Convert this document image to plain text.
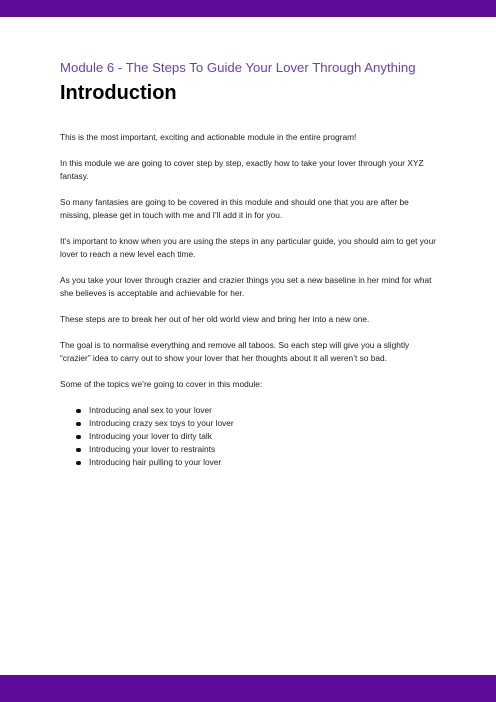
Module 6 - The Steps To Guide Your Lover Through Anything

Introduction

This is the most important, exciting and actionable module in the entire program!

In this module we are going to cover step by step, exactly how to take your lover through your XYZ fantasy.

So many fantasies are going to be covered in this module and should one that you are after be missing, please get in touch with me and I’ll add it in for you.

It’s important to know when you are using the steps in any particular guide, you should aim to get your lover to reach a new level each time.

As you take your lover through crazier and crazier things you set a new baseline in her mind for what she believes is acceptable and achievable for her.

These steps are to break her out of her old world view and bring her into a new one.

The goal is to normalise everything and remove all taboos. So each step will give you a slightly “crazier” idea to carry out to show your lover that her thoughts about it all weren’t so bad.

Some of the topics we’re going to cover in this module:

Introducing anal sex to your lover
Introducing crazy sex toys to your lover
Introducing your lover to dirty talk
Introducing your lover to restraints
Introducing hair pulling to your lover
